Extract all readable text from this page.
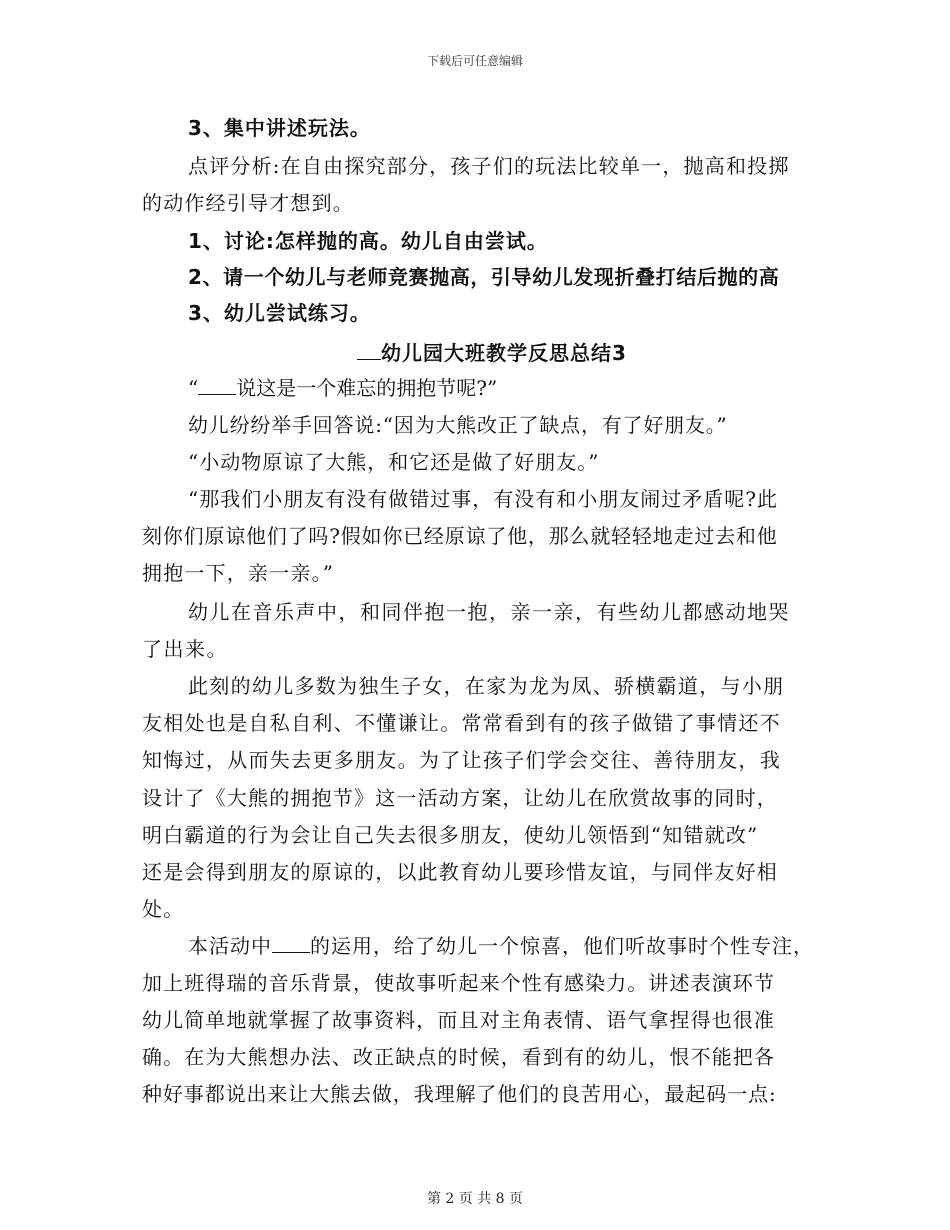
下载后可任意编辑
3、集中讲述玩法。
点评分析:在自由探究部分，孩子们的玩法比较单一，抛高和投掷
的动作经引导才想到。
1、讨论:怎样抛的高。幼儿自由尝试。
2、请一个幼儿与老师竞赛抛高，引导幼儿发现折叠打结后抛的高
3、幼儿尝试练习。
幼儿园大班教学反思总结3
“ 说这是一个难忘的拥抱节呢?”
幼儿纷纷举手回答说:“因为大熊改正了缺点，有了好朋友。”
“小动物原谅了大熊，和它还是做了好朋友。”
“那我们小朋友有没有做错过事，有没有和小朋友闹过矛盾呢?此
刻你们原谅他们了吗?假如你已经原谅了他，那么就轻轻地走过去和他
拥抱一下，亲一亲。”
幼儿在音乐声中，和同伴抱一抱，亲一亲，有些幼儿都感动地哭
了出来。
此刻的幼儿多数为独生子女，在家为龙为凤、骄横霸道，与小朋
友相处也是自私自利、不懂谦让。常常看到有的孩子做错了事情还不
知悔过，从而失去更多朋友。为了让孩子们学会交往、善待朋友，我
设计了《大熊的拥抱节》这一活动方案，让幼儿在欣赏故事的同时，
明白霸道的行为会让自己失去很多朋友，使幼儿领悟到“知错就改”
还是会得到朋友的原谅的，以此教育幼儿要珍惜友谊，与同伴友好相
处。
本活动中 的运用，给了幼儿一个惊喜，他们听故事时个性专注，
加上班得瑞的音乐背景，使故事听起来个性有感染力。讲述表演环节
幼儿简单地就掌握了故事资料，而且对主角表情、语气拿捏得也很准
确。在为大熊想办法、改正缺点的时候，看到有的幼儿，恨不能把各
种好事都说出来让大熊去做，我理解了他们的良苦用心，最起码一点:
第 2 页 共 8 页
